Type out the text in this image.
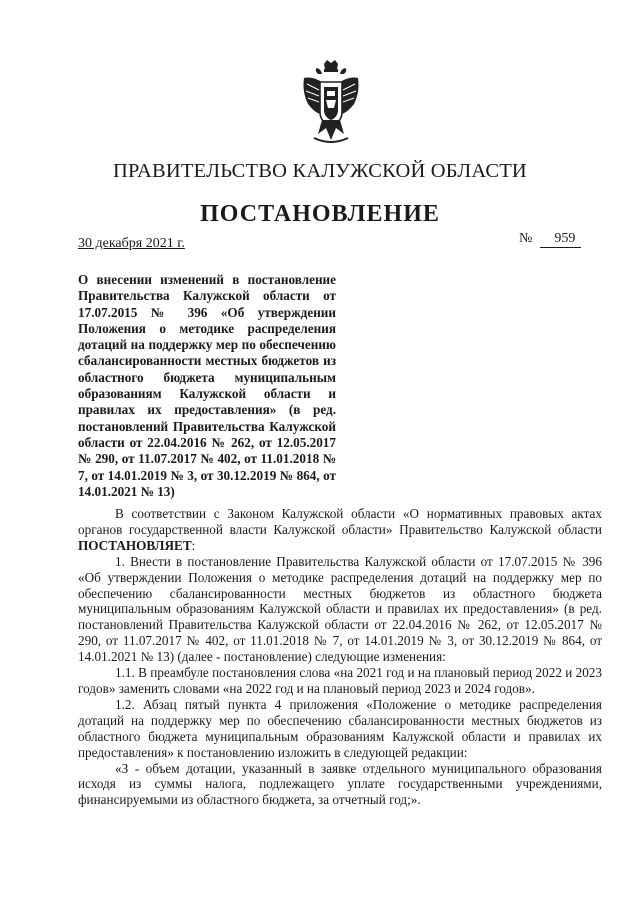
ПРАВИТЕЛЬСТВО КАЛУЖСКОЙ ОБЛАСТИ
ПОСТАНОВЛЕНИЕ
30 декабря 2021 г.	№ 959
О внесении изменений в постановление Правительства Калужской области от 17.07.2015 № 396 «Об утверждении Положения о методике распределения дотаций на поддержку мер по обеспечению сбалансированности местных бюджетов из областного бюджета муниципальным образованиям Калужской области и правилах их предоставления» (в ред. постановлений Правительства Калужской области от 22.04.2016 № 262, от 12.05.2017 № 290, от 11.07.2017 № 402, от 11.01.2018 № 7, от 14.01.2019 № 3, от 30.12.2019 № 864, от 14.01.2021 № 13)

В соответствии с Законом Калужской области «О нормативных правовых актах органов государственной власти Калужской области» Правительство Калужской области ПОСТАНОВЛЯЕТ:

1. Внести в постановление Правительства Калужской области от 17.07.2015 № 396 «Об утверждении Положения о методике распределения дотаций на поддержку мер по обеспечению сбалансированности местных бюджетов из областного бюджета муниципальным образованиям Калужской области и правилах их предоставления» (в ред. постановлений Правительства Калужской области от 22.04.2016 № 262, от 12.05.2017 № 290, от 11.07.2017 № 402, от 11.01.2018 № 7, от 14.01.2019 № 3, от 30.12.2019 № 864, от 14.01.2021 № 13) (далее - постановление) следующие изменения:

1.1. В преамбуле постановления слова «на 2021 год и на плановый период 2022 и 2023 годов» заменить словами «на 2022 год и на плановый период 2023 и 2024 годов».

1.2. Абзац пятый пункта 4 приложения «Положение о методике распределения дотаций на поддержку мер по обеспечению сбалансированности местных бюджетов из областного бюджета муниципальным образованиям Калужской области и правилах их предоставления» к постановлению изложить в следующей редакции:

«З - объем дотации, указанный в заявке отдельного муниципального образования исходя из суммы налога, подлежащего уплате государственными учреждениями, финансируемыми из областного бюджета, за отчетный год;».
